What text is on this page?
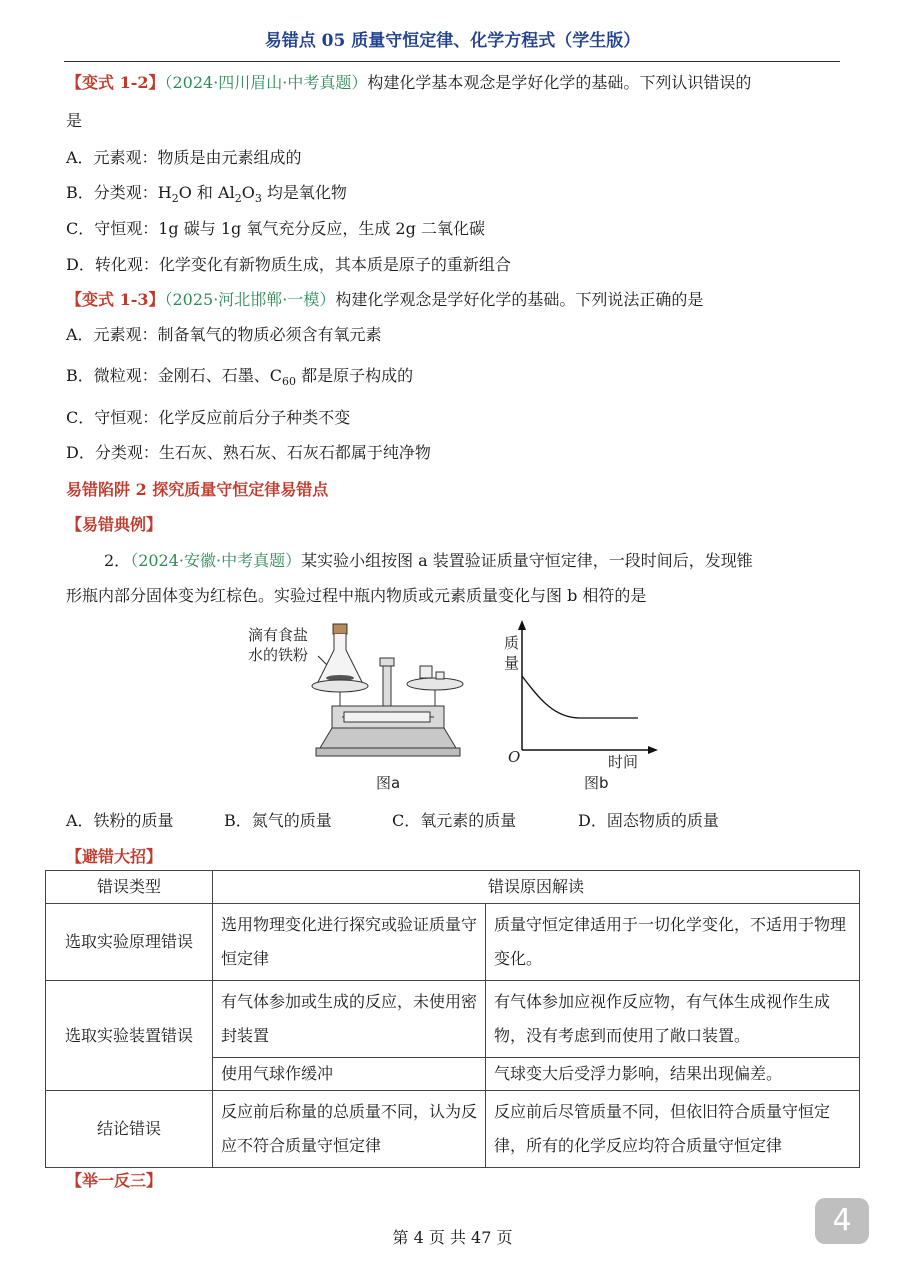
易错点 05 质量守恒定律、化学方程式（学生版）
【变式 1-2】（2024·四川眉山·中考真题）构建化学基本观念是学好化学的基础。下列认识错误的
是
A．元素观：物质是由元素组成的
B．分类观：$H_2O$ 和 $Al_2O_3$ 均是氧化物
C．守恒观：1g 碳与 1g 氧气充分反应，生成 2g 二氧化碳
D．转化观：化学变化有新物质生成，其本质是原子的重新组合
【变式 1-3】（2025·河北邯郸·一模）构建化学观念是学好化学的基础。下列说法正确的是
A．元素观：制备氧气的物质必须含有氧元素
B．微粒观：金刚石、石墨、$C_{60}$ 都是原子构成的
C．守恒观：化学反应前后分子种类不变
D．分类观：生石灰、熟石灰、石灰石都属于纯净物
易错陷阱 2 探究质量守恒定律易错点
【易错典例】
2．（2024·安徽·中考真题）某实验小组按图 a 装置验证质量守恒定律，一段时间后，发现锥
形瓶内部分固体变为红棕色。实验过程中瓶内物质或元素质量变化与图 b 相符的是
滴有食盐
水的铁粉
图a
质
量
O	时间
图b
A．铁粉的质量	B．氮气的质量	C．氧元素的质量	D．固态物质的质量
【避错大招】
错误类型	错误原因解读	
选取实验原理错误	选用物理变化进行探究或验证质量守恒定律	质量守恒定律适用于一切化学变化，不适用于物理变化。
选取实验装置错误	有气体参加或生成的反应，未使用密封装置	有气体参加应视作反应物，有气体生成视作生成物，没有考虑到而使用了敞口装置。
	使用气球作缓冲	气球变大后受浮力影响，结果出现偏差。
结论错误	反应前后称量的总质量不同，认为反应不符合质量守恒定律	反应前后尽管质量不同，但依旧符合质量守恒定律，所有的化学反应均符合质量守恒定律
【举一反三】
第 4 页 共 47 页	4
